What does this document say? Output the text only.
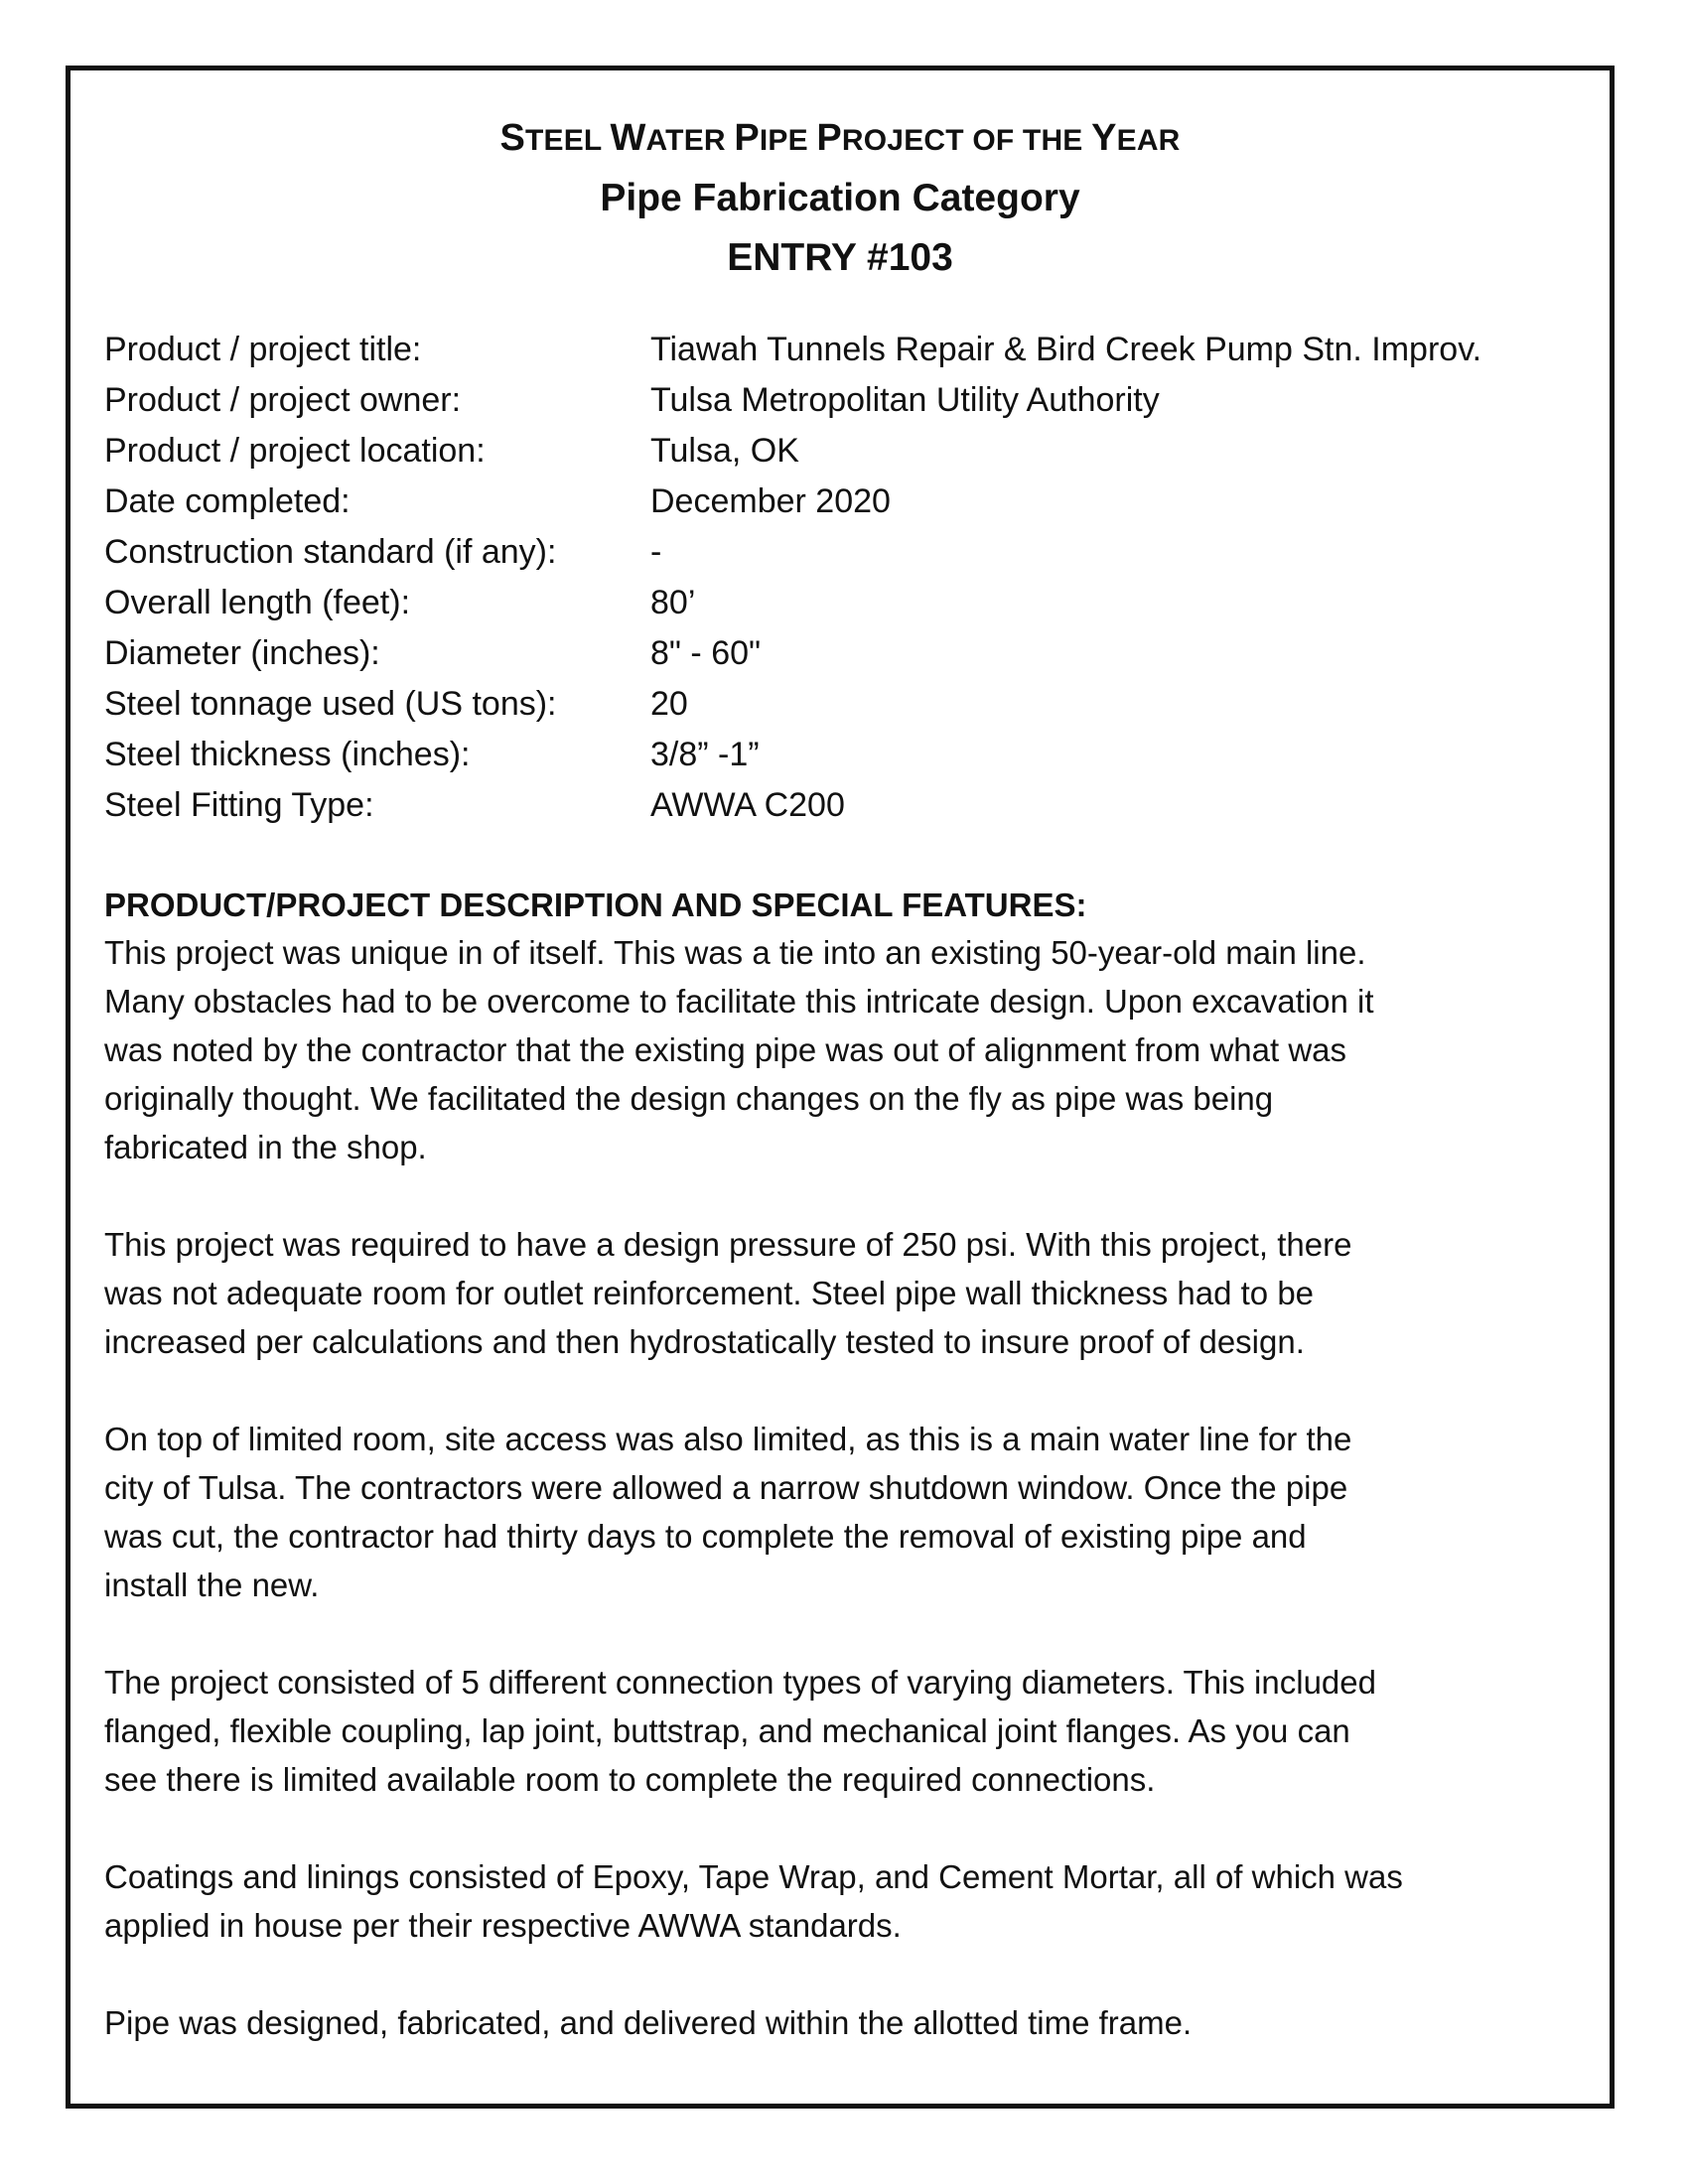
STEEL WATER PIPE PROJECT OF THE YEAR
Pipe Fabrication Category
ENTRY #103
Product / project title:	Tiawah Tunnels Repair & Bird Creek Pump Stn. Improv.
Product / project owner:	Tulsa Metropolitan Utility Authority
Product / project location:	Tulsa, OK
Date completed:	December 2020
Construction standard (if any):	-
Overall length (feet):	80’
Diameter (inches):	8" - 60"
Steel tonnage used (US tons):	20
Steel thickness (inches):	3/8” -1”
Steel Fitting Type:	AWWA C200
PRODUCT/PROJECT DESCRIPTION AND SPECIAL FEATURES:

This project was unique in of itself. This was a tie into an existing 50-year-old main line.
Many obstacles had to be overcome to facilitate this intricate design. Upon excavation it
was noted by the contractor that the existing pipe was out of alignment from what was
originally thought. We facilitated the design changes on the fly as pipe was being
fabricated in the shop.

This project was required to have a design pressure of 250 psi. With this project, there
was not adequate room for outlet reinforcement. Steel pipe wall thickness had to be
increased per calculations and then hydrostatically tested to insure proof of design.

On top of limited room, site access was also limited, as this is a main water line for the
city of Tulsa. The contractors were allowed a narrow shutdown window. Once the pipe
was cut, the contractor had thirty days to complete the removal of existing pipe and
install the new.

The project consisted of 5 different connection types of varying diameters. This included
flanged, flexible coupling, lap joint, buttstrap, and mechanical joint flanges. As you can
see there is limited available room to complete the required connections.

Coatings and linings consisted of Epoxy, Tape Wrap, and Cement Mortar, all of which was
applied in house per their respective AWWA standards.

Pipe was designed, fabricated, and delivered within the allotted time frame.
